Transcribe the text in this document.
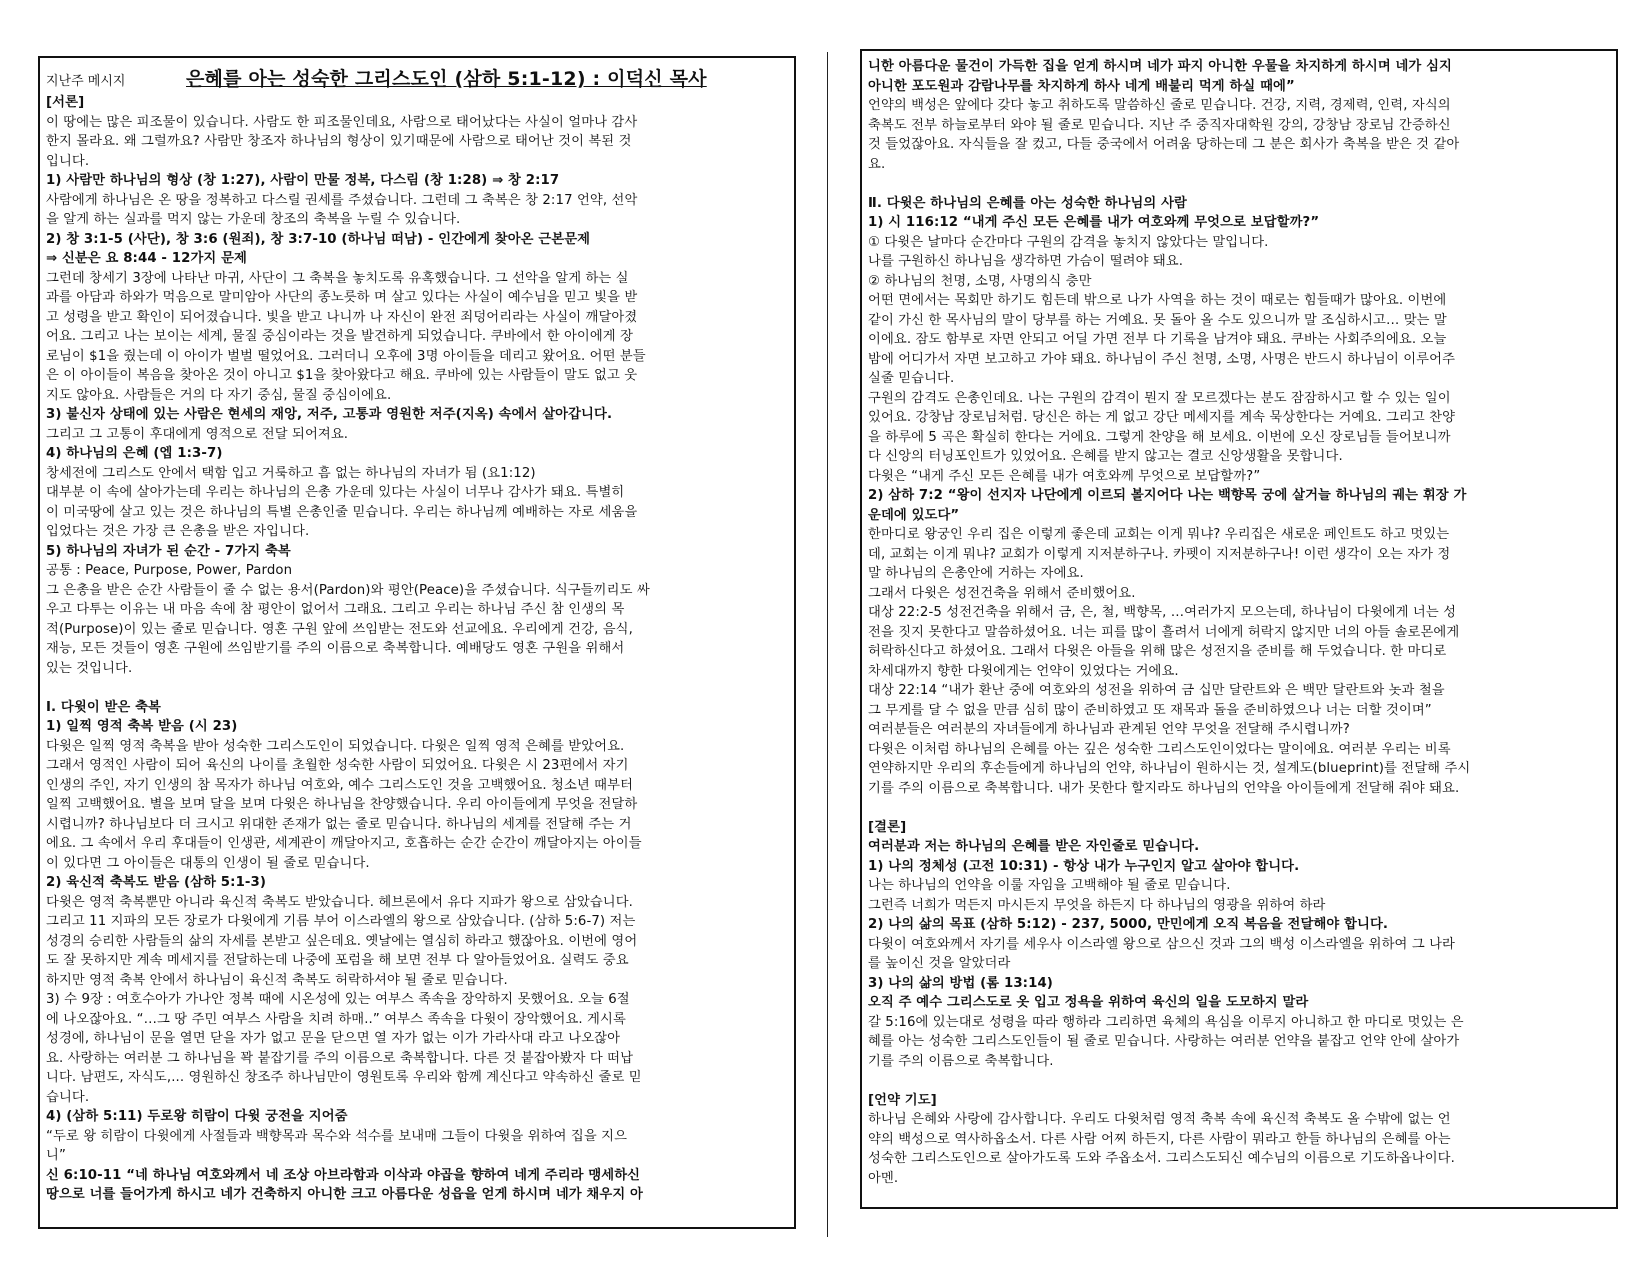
지난주 메시지	은혜를 아는 성숙한 그리스도인 (삼하 5:1-12) : 이덕신 목사
[서론]
이 땅에는 많은 피조물이 있습니다. 사람도 한 피조물인데요, 사람으로 태어났다는 사실이 얼마나 감사
한지 몰라요. 왜 그럴까요? 사람만 창조자 하나님의 형상이 있기때문에 사람으로 태어난 것이 복된 것
입니다.
1) 사람만 하나님의 형상 (창 1:27), 사람이 만물 정복, 다스림 (창 1:28) ⇒ 창 2:17
사람에게 하나님은 온 땅을 정복하고 다스릴 권세를 주셨습니다. 그런데 그 축복은 창 2:17 언약, 선악
을 알게 하는 실과를 먹지 않는 가운데 창조의 축복을 누릴 수 있습니다.
2) 창 3:1-5 (사단), 창 3:6 (원죄), 창 3:7-10 (하나님 떠남) - 인간에게 찾아온 근본문제
⇒ 신분은 요 8:44 - 12가지 문제
그런데 창세기 3장에 나타난 마귀, 사단이 그 축복을 놓치도록 유혹했습니다. 그 선악을 알게 하는 실
과를 아담과 하와가 먹음으로 말미암아 사단의 종노릇하 며 살고 있다는 사실이 예수님을 믿고 빛을 받
고 성령을 받고 확인이 되어졌습니다. 빛을 받고 나니까 나 자신이 완전 죄덩어리라는 사실이 깨달아졌
어요. 그리고 나는 보이는 세계, 물질 중심이라는 것을 발견하게 되었습니다. 쿠바에서 한 아이에게 장
로님이 $1을 줬는데 이 아이가 벌벌 떨었어요. 그러더니 오후에 3명 아이들을 데리고 왔어요. 어떤 분들
은 이 아이들이 복음을 찾아온 것이 아니고 $1을 찾아왔다고 해요. 쿠바에 있는 사람들이 말도 없고 웃
지도 않아요. 사람들은 거의 다 자기 중심, 물질 중심이에요.
3) 불신자 상태에 있는 사람은 현세의 재앙, 저주, 고통과 영원한 저주(지옥) 속에서 살아갑니다.
그리고 그 고통이 후대에게 영적으로 전달 되어져요.
4) 하나님의 은혜 (엡 1:3-7)
창세전에 그리스도 안에서 택함 입고 거룩하고 흠 없는 하나님의 자녀가 됨 (요1:12)
대부분 이 속에 살아가는데 우리는 하나님의 은총 가운데 있다는 사실이 너무나 감사가 돼요. 특별히
이 미국땅에 살고 있는 것은 하나님의 특별 은총인줄 믿습니다. 우리는 하나님께 예배하는 자로 세움을
입었다는 것은 가장 큰 은총을 받은 자입니다.
5) 하나님의 자녀가 된 순간 - 7가지 축복
공통 : Peace, Purpose, Power, Pardon
그 은총을 받은 순간 사람들이 줄 수 없는 용서(Pardon)와 평안(Peace)을 주셨습니다. 식구들끼리도 싸
우고 다투는 이유는 내 마음 속에 참 평안이 없어서 그래요. 그리고 우리는 하나님 주신 참 인생의 목
적(Purpose)이 있는 줄로 믿습니다. 영혼 구원 앞에 쓰임받는 전도와 선교에요. 우리에게 건강, 음식,
재능, 모든 것들이 영혼 구원에 쓰임받기를 주의 이름으로 축복합니다. 예배당도 영혼 구원을 위해서
있는 것입니다.
Ⅰ. 다윗이 받은 축복
1) 일찍 영적 축복 받음 (시 23)
다윗은 일찍 영적 축복을 받아 성숙한 그리스도인이 되었습니다. 다윗은 일찍 영적 은혜를 받았어요.
그래서 영적인 사람이 되어 육신의 나이를 초월한 성숙한 사람이 되었어요. 다윗은 시 23편에서 자기
인생의 주인, 자기 인생의 참 목자가 하나님 여호와, 예수 그리스도인 것을 고백했어요. 청소년 때부터
일찍 고백했어요. 별을 보며 달을 보며 다윗은 하나님을 찬양했습니다. 우리 아이들에게 무엇을 전달하
시렵니까? 하나님보다 더 크시고 위대한 존재가 없는 줄로 믿습니다. 하나님의 세계를 전달해 주는 거
에요. 그 속에서 우리 후대들이 인생관, 세계관이 깨달아지고, 호흡하는 순간 순간이 깨달아지는 아이들
이 있다면 그 아이들은 대통의 인생이 될 줄로 믿습니다.
2) 육신적 축복도 받음 (삼하 5:1-3)
다윗은 영적 축복뿐만 아니라 육신적 축복도 받았습니다. 헤브론에서 유다 지파가 왕으로 삼았습니다.
그리고 11 지파의 모든 장로가 다윗에게 기름 부어 이스라엘의 왕으로 삼았습니다. (삼하 5:6-7) 저는
성경의 승리한 사람들의 삶의 자세를 본받고 싶은데요. 옛날에는 열심히 하라고 했잖아요. 이번에 영어
도 잘 못하지만 계속 메세지를 전달하는데 나중에 포럼을 해 보면 전부 다 알아들었어요. 실력도 중요
하지만 영적 축복 안에서 하나님이 육신적 축복도 허락하셔야 될 줄로 믿습니다.
3) 수 9장 : 여호수아가 가나안 정복 때에 시온성에 있는 여부스 족속을 장악하지 못했어요. 오늘 6절
에 나오잖아요. “…그 땅 주민 여부스 사람을 치려 하매..” 여부스 족속을 다윗이 장악했어요. 게시록
성경에, 하나님이 문을 열면 닫을 자가 없고 문을 닫으면 열 자가 없는 이가 가라사대 라고 나오잖아
요. 사랑하는 여러분 그 하나님을 꽉 붙잡기를 주의 이름으로 축복합니다. 다른 것 붙잡아봤자 다 떠납
니다. 남편도, 자식도,... 영원하신 창조주 하나님만이 영원토록 우리와 함께 계신다고 약속하신 줄로 믿
습니다.
4) (삼하 5:11) 두로왕 히람이 다윗 궁전을 지어줌
“두로 왕 히람이 다윗에게 사절들과 백향목과 목수와 석수를 보내매 그들이 다윗을 위하여 집을 지으
니”
신 6:10-11 “네 하나님 여호와께서 네 조상 아브라함과 이삭과 야곱을 향하여 네게 주리라 맹세하신
땅으로 너를 들어가게 하시고 네가 건축하지 아니한 크고 아름다운 성읍을 얻게 하시며 네가 채우지 아
니한 아름다운 물건이 가득한 집을 얻게 하시며 네가 파지 아니한 우물을 차지하게 하시며 네가 심지
아니한 포도원과 감람나무를 차지하게 하사 네게 배불리 먹게 하실 때에”
언약의 백성은 앞에다 갖다 놓고 취하도록 말씀하신 줄로 믿습니다. 건강, 지력, 경제력, 인력, 자식의
축복도 전부 하늘로부터 와야 될 줄로 믿습니다. 지난 주 중직자대학원 강의, 강창남 장로님 간증하신
것 들었잖아요. 자식들을 잘 컸고, 다들 중국에서 어려움 당하는데 그 분은 회사가 축복을 받은 것 같아
요.
Ⅱ. 다윗은 하나님의 은혜를 아는 성숙한 하나님의 사람
1) 시 116:12 “내게 주신 모든 은혜를 내가 여호와께 무엇으로 보답할까?”
① 다윗은 날마다 순간마다 구원의 감격을 놓치지 않았다는 말입니다.
나를 구원하신 하나님을 생각하면 가슴이 떨려야 돼요.
② 하나님의 천명, 소명, 사명의식 충만
어떤 면에서는 목회만 하기도 힘든데 밖으로 나가 사역을 하는 것이 때로는 힘들때가 많아요. 이번에
같이 가신 한 목사님의 말이 당부를 하는 거예요. 못 돌아 올 수도 있으니까 말 조심하시고… 맞는 말
이에요. 잠도 함부로 자면 안되고 어딜 가면 전부 다 기록을 남겨야 돼요. 쿠바는 사회주의에요. 오늘
밤에 어디가서 자면 보고하고 가야 돼요. 하나님이 주신 천명, 소명, 사명은 반드시 하나님이 이루어주
실줄 믿습니다.
구원의 감격도 은총인데요. 나는 구원의 감격이 뭔지 잘 모르겠다는 분도 잠잠하시고 할 수 있는 일이
있어요. 강창남 장로님처럼. 당신은 하는 게 없고 강단 메세지를 계속 묵상한다는 거예요. 그리고 찬양
을 하루에 5 곡은 확실히 한다는 거에요. 그렇게 찬양을 해 보세요. 이번에 오신 장로님들 들어보니까
다 신앙의 터닝포인트가 있었어요. 은혜를 받지 않고는 결코 신앙생활을 못합니다.
다윗은 “내게 주신 모든 은혜를 내가 여호와께 무엇으로 보답할까?”
2) 삼하 7:2 “왕이 선지자 나단에게 이르되 볼지어다 나는 백향목 궁에 살거늘 하나님의 궤는 휘장 가
운데에 있도다”
한마디로 왕궁인 우리 집은 이렇게 좋은데 교회는 이게 뭐냐? 우리집은 새로운 페인트도 하고 멋있는
데, 교회는 이게 뭐냐? 교회가 이렇게 지저분하구나. 카펫이 지저분하구나! 이런 생각이 오는 자가 정
말 하나님의 은총안에 거하는 자에요.
그래서 다윗은 성전건축을 위해서 준비했어요.
대상 22:2-5 성전건축을 위해서 금, 은, 철, 백향목, …여러가지 모으는데, 하나님이 다윗에게 너는 성
전을 짓지 못한다고 말씀하셨어요. 너는 피를 많이 흘려서 너에게 허락지 않지만 너의 아들 솔로몬에게
허락하신다고 하셨어요. 그래서 다윗은 아들을 위해 많은 성전지을 준비를 해 두었습니다. 한 마디로
차세대까지 향한 다윗에게는 언약이 있었다는 거에요.
대상 22:14 “내가 환난 중에 여호와의 성전을 위하여 금 십만 달란트와 은 백만 달란트와 놋과 철을
그 무게를 달 수 없을 만큼 심히 많이 준비하였고 또 재목과 돌을 준비하였으나 너는 더할 것이며”
여러분들은 여러분의 자녀들에게 하나님과 관계된 언약 무엇을 전달해 주시렵니까?
다윗은 이처럼 하나님의 은혜를 아는 깊은 성숙한 그리스도인이었다는 말이에요. 여러분 우리는 비록
연약하지만 우리의 후손들에게 하나님의 언약, 하나님이 원하시는 것, 설계도(blueprint)를 전달해 주시
기를 주의 이름으로 축복합니다. 내가 못한다 할지라도 하나님의 언약을 아이들에게 전달해 줘야 돼요.
[결론]
여러분과 저는 하나님의 은혜를 받은 자인줄로 믿습니다.
1) 나의 정체성 (고전 10:31) - 항상 내가 누구인지 알고 살아야 합니다.
나는 하나님의 언약을 이룰 자임을 고백해야 될 줄로 믿습니다.
그런즉 너희가 먹든지 마시든지 무엇을 하든지 다 하나님의 영광을 위하여 하라
2) 나의 삶의 목표 (삼하 5:12) - 237, 5000, 만민에게 오직 복음을 전달해야 합니다.
다윗이 여호와께서 자기를 세우사 이스라엘 왕으로 삼으신 것과 그의 백성 이스라엘을 위하여 그 나라
를 높이신 것을 알았더라
3) 나의 삶의 방법 (롬 13:14)
오직 주 예수 그리스도로 옷 입고 정욕을 위하여 육신의 일을 도모하지 말라
갈 5:16에 있는대로 성령을 따라 행하라 그리하면 육체의 욕심을 이루지 아니하고 한 마디로 멋있는 은
혜를 아는 성숙한 그리스도인들이 될 줄로 믿습니다. 사랑하는 여러분 언약을 붙잡고 언약 안에 살아가
기를 주의 이름으로 축복합니다.
[언약 기도]
하나님 은혜와 사랑에 감사합니다. 우리도 다윗처럼 영적 축복 속에 육신적 축복도 올 수밖에 없는 언
약의 백성으로 역사하옵소서. 다른 사람 어찌 하든지, 다른 사람이 뭐라고 한들 하나님의 은혜를 아는
성숙한 그리스도인으로 살아가도록 도와 주옵소서. 그리스도되신 예수님의 이름으로 기도하옵나이다.
아멘.
